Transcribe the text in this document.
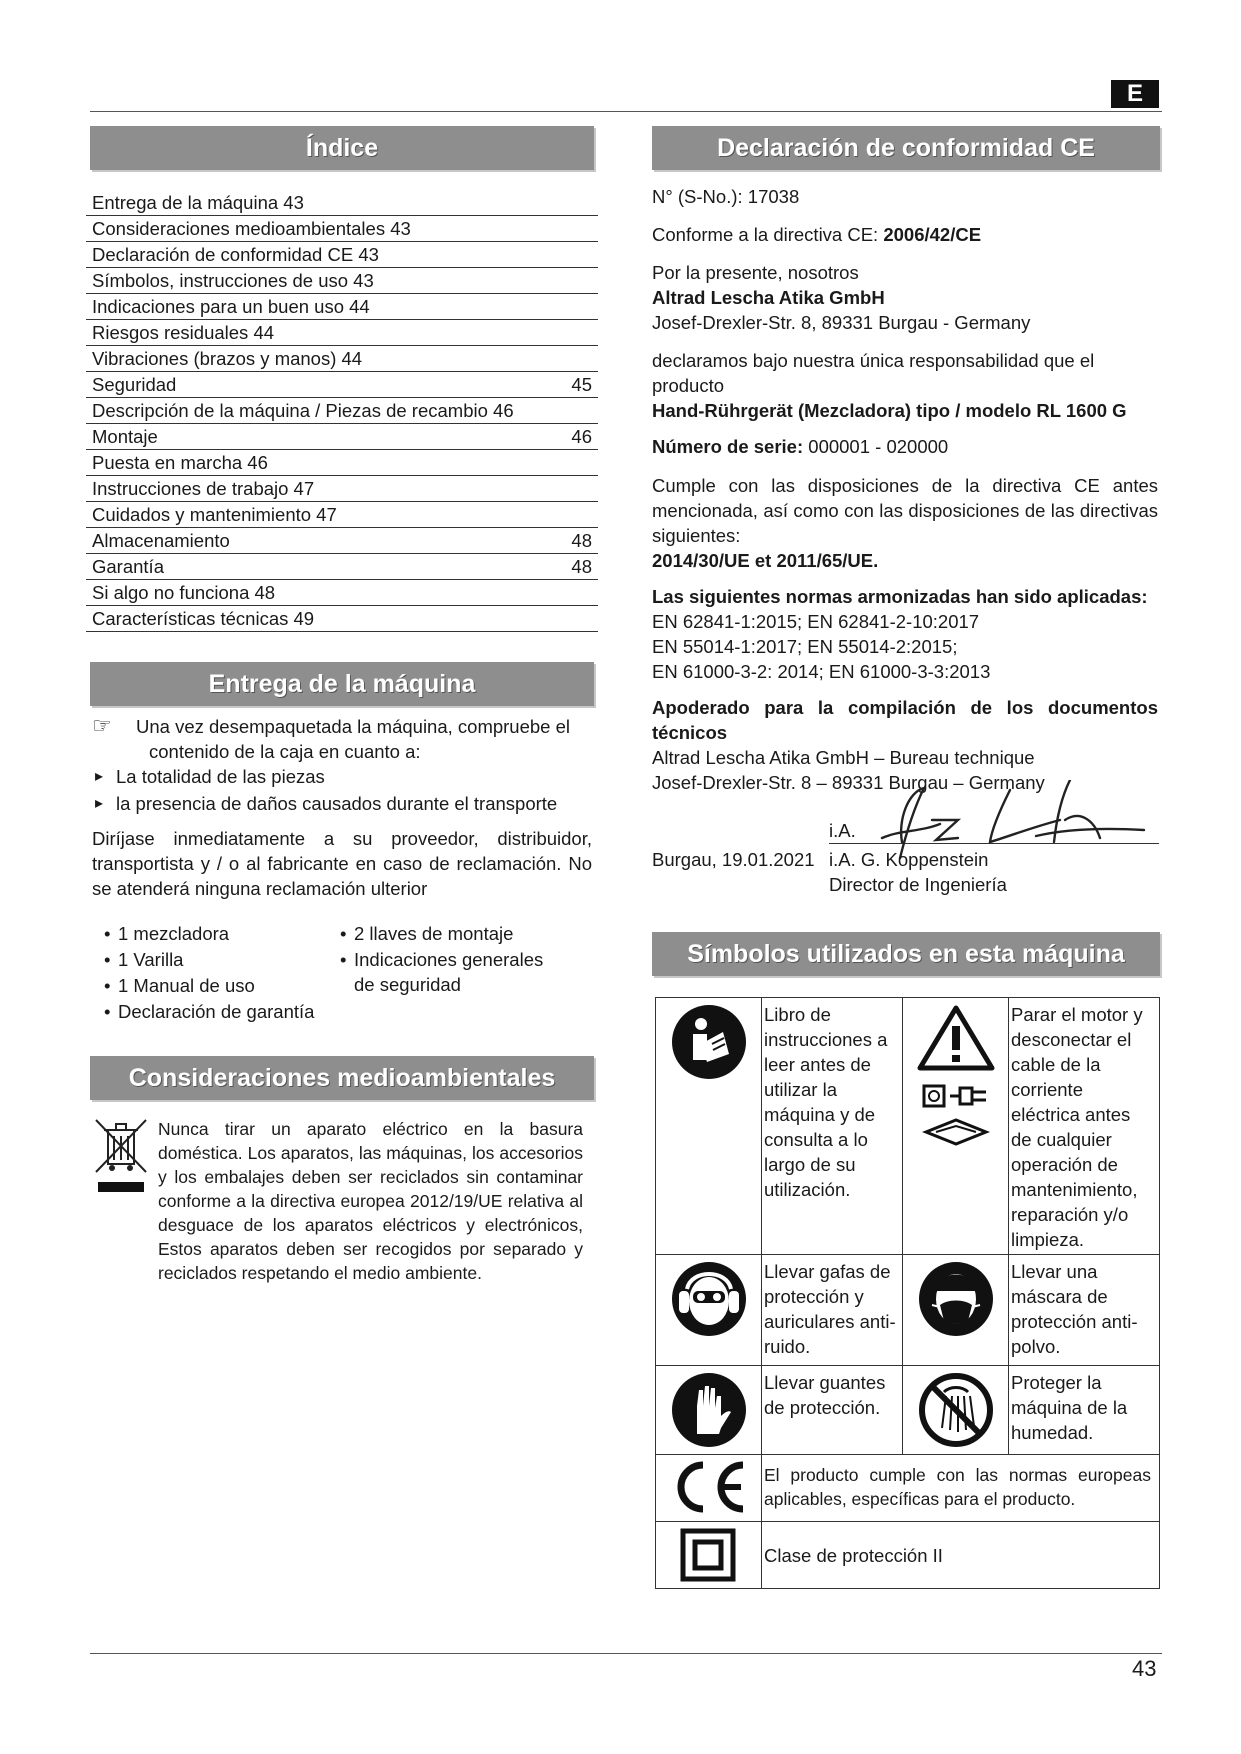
E
43
Índice
Entrega de la máquina 43
Consideraciones medioambientales 43
Declaración de conformidad CE 43
Símbolos, instrucciones de uso 43
Indicaciones para un buen uso 44
Riesgos residuales 44
Vibraciones (brazos y manos) 44
Seguridad	45
Descripción de la máquina / Piezas de recambio 46
Montaje	46
Puesta en marcha 46
Instrucciones de trabajo 47
Cuidados y mantenimiento 47
Almacenamiento	48
Garantía	48
Si algo no funciona 48
Características técnicas 49
Entrega de la máquina
☞	Una vez desempaquetada la máquina, compruebe el

contenido de la caja en cuanto a:

▸ La totalidad de las piezas
▸ la presencia de daños causados durante el transporte

Diríjase inmediatamente a su proveedor, distribuidor, transportista y / o al fabricante en caso de reclamación. No se atenderá ninguna reclamación ulterior

• 1 mezcladora
• 1 Varilla
• 1 Manual de uso
• Declaración de garantía
• 2 llaves de montaje
• Indicaciones generales de seguridad
Consideraciones medioambientales

Nunca tirar un aparato eléctrico en la basura doméstica. Los aparatos, las máquinas, los accesorios y los embalajes deben ser reciclados sin contaminar conforme a la directiva europea 2012/19/UE relativa al desguace de los aparatos eléctricos y electrónicos, Estos aparatos deben ser recogidos por separado y reciclados respetando el medio ambiente.

Declaración de conformidad CE

N° (S-No.): 17038

Conforme a la directiva CE: 2006/42/CE

Por la presente, nosotros

Altrad Lescha Atika GmbH

Josef-Drexler-Str. 8, 89331 Burgau - Germany

declaramos bajo nuestra única responsabilidad que el producto

Hand-Rührgerät (Mezcladora) tipo / modelo RL 1600 G

Número de serie: 000001 - 020000

Cumple con las disposiciones de la directiva CE antes mencionada, así como con las disposiciones de las directivas siguientes:

2014/30/UE et 2011/65/UE.

Las siguientes normas armonizadas han sido aplicadas:

EN 62841-1:2015; EN 62841-2-10:2017

EN 55014-1:2017; EN 55014-2:2015;

EN 61000-3-2: 2014; EN 61000-3-3:2013

Apoderado para la compilación de los documentos técnicos

Altrad Lescha Atika GmbH – Bureau technique

Josef-Drexler-Str. 8 – 89331 Burgau – Germany

i.A.
Burgau, 19.01.2021 i.A. G. Koppenstein
Director de Ingeniería
Símbolos utilizados en esta máquina
	Libro de instrucciones a leer antes de utilizar la máquina y de consulta a lo largo de su utilización.		Parar el motor y desconectar el cable de la corriente eléctrica antes de cualquier operación de mantenimiento, reparación y/o limpieza.
	Llevar gafas de protección y auriculares anti-ruido.		Llevar una máscara de protección anti-polvo.
	Llevar guantes de protección.		Proteger la máquina de la humedad.
	El producto cumple con las normas europeas aplicables, específicas para el producto.		
	Clase de protección II		
